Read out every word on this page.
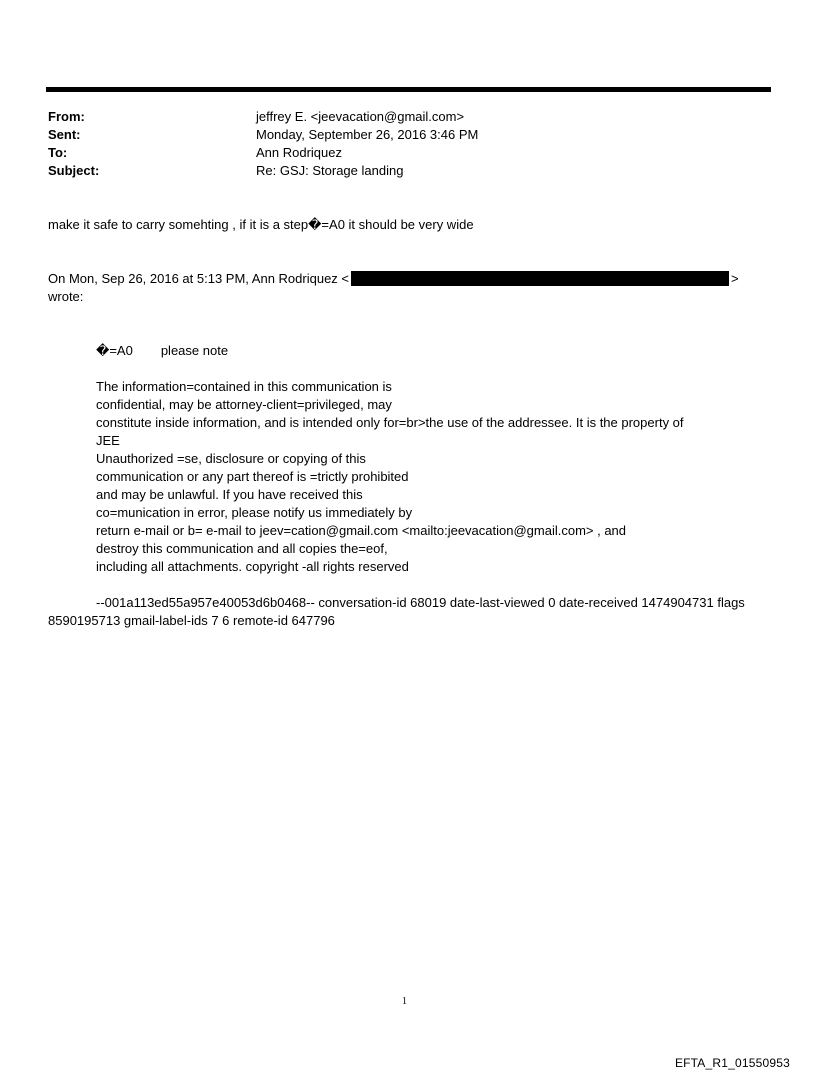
From:	jeffrey E. <jeevacation@gmail.com>
Sent:	Monday, September 26, 2016 3:46 PM
To:	Ann Rodriquez
Subject:	Re: GSJ: Storage landing
make it safe to carry somehting , if it is a step�=A0 it should be very wide
On Mon, Sep 26, 2016 at 5:13 PM, Ann Rodriquez <	>
wrote:
�=A0 please note
The information=contained in this communication is
confidential, may be attorney-client=privileged, may
constitute inside information, and is intended only for=br>the use of the addressee. It is the property of
JEE
Unauthorized =se, disclosure or copying of this
communication or any part thereof is =trictly prohibited
and may be unlawful. If you have received this
co=munication in error, please notify us immediately by
return e-mail or b= e-mail to jeev=cation@gmail.com <mailto:jeevacation@gmail.com> , and
destroy this communication and all copies the=eof,
including all attachments. copyright -all rights reserved
--001a113ed55a957e40053d6b0468-- conversation-id 68019 date-last-viewed 0 date-received 1474904731 flags 8590195713 gmail-label-ids 7 6 remote-id 647796
1
EFTA_R1_01550953
